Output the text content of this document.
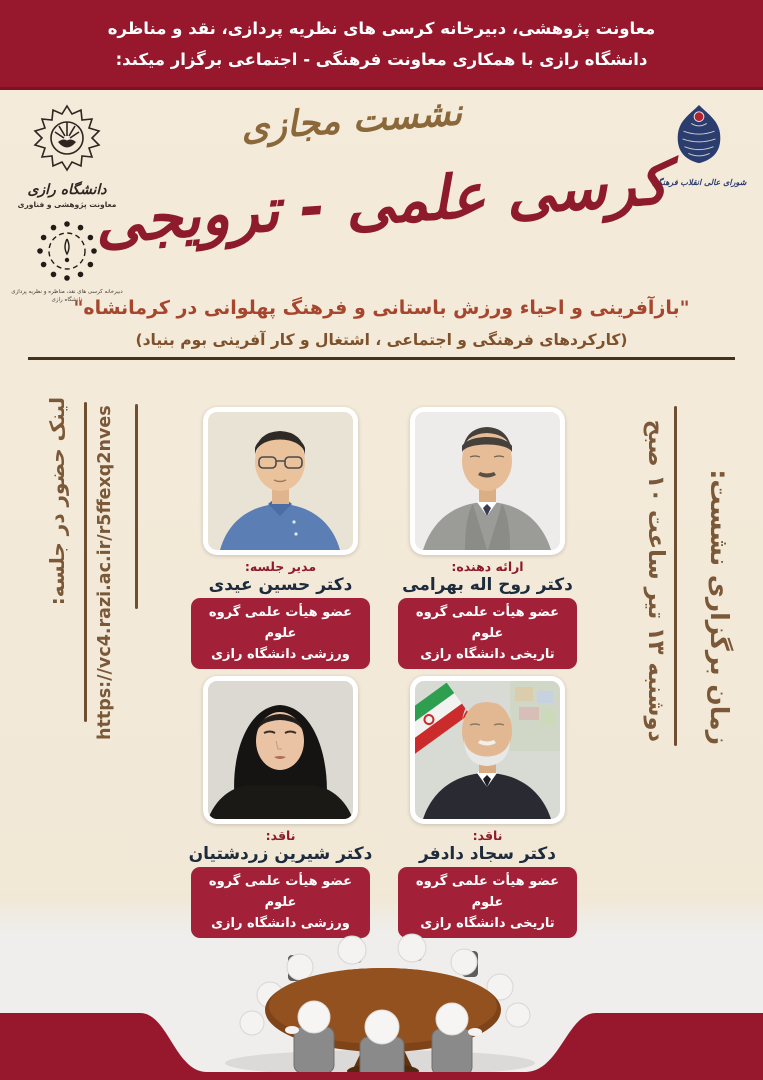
معاونت پژوهشی، دبیرخانه کرسی های نظریه پردازی، نقد و مناظره
دانشگاه رازی با همکاری معاونت فرهنگی - اجتماعی برگزار میکند:
دانشگاه رازی
معاونت پژوهشی و فناوری
دبیرخانه کرسی های نقد، مناظره و نظریه پردازی دانشگاه رازی
شورای عالی انقلاب فرهنگی
نشست مجازی
کرسی علمی - ترویجی
"بازآفرینی و احیاء ورزش باستانی و فرهنگ پهلوانی در کرمانشاه"
(کارکردهای فرهنگی و اجتماعی ، اشتغال و کار آفرینی بوم بنیاد)
لینک حضور در جلسه:	https://vc4.razi.ac.ir/r5ffexq2nves	زمان برگزاری نشست:
دوشنبه ۱۳ تیر ساعت ۱۰ صبح
مدیر جلسه:
دکتر حسین عیدی
عضو هیأت علمی گروه علوم
ورزشی دانشگاه رازی
ارائه دهنده:
دکتر روح اله بهرامی
عضو هیأت علمی گروه علوم
تاریخی دانشگاه رازی
ناقد:
دکتر شیرین زردشتیان
عضو هیأت علمی گروه علوم
ورزشی دانشگاه رازی
ناقد:
دکتر سجاد دادفر
عضو هیأت علمی گروه علوم
تاریخی دانشگاه رازی
